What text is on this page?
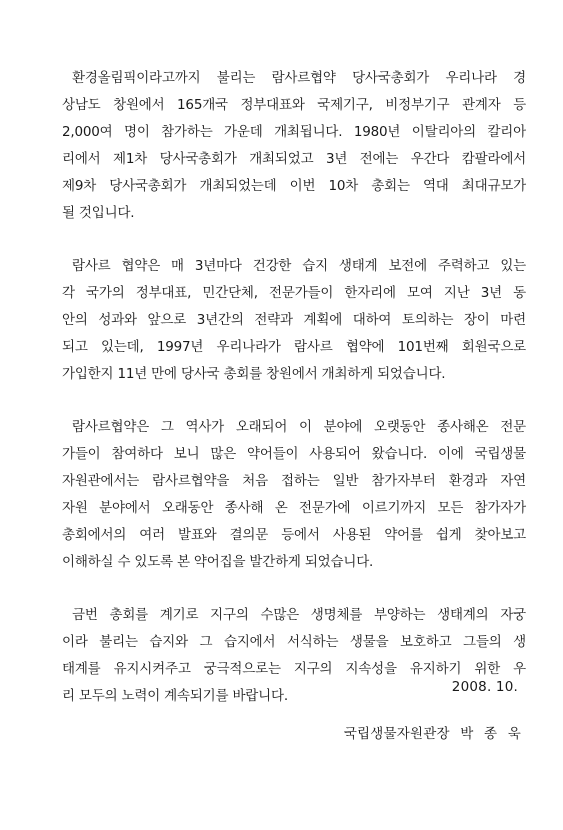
환경올림픽이라고까지 불리는 람사르협약 당사국총회가 우리나라 경
상남도 창원에서 165개국 정부대표와 국제기구, 비정부기구 관계자 등
2,000여 명이 참가하는 가운데 개최됩니다. 1980년 이탈리아의 칼리아
리에서 제1차 당사국총회가 개최되었고 3년 전에는 우간다 캄팔라에서
제9차 당사국총회가 개최되었는데 이번 10차 총회는 역대 최대규모가
될 것입니다.

람사르 협약은 매 3년마다 건강한 습지 생태계 보전에 주력하고 있는
각 국가의 정부대표, 민간단체, 전문가들이 한자리에 모여 지난 3년 동
안의 성과와 앞으로 3년간의 전략과 계획에 대하여 토의하는 장이 마련
되고 있는데, 1997년 우리나라가 람사르 협약에 101번째 회원국으로
가입한지 11년 만에 당사국 총회를 창원에서 개최하게 되었습니다.

람사르협약은 그 역사가 오래되어 이 분야에 오랫동안 종사해온 전문
가들이 참여하다 보니 많은 약어들이 사용되어 왔습니다. 이에 국립생물
자원관에서는 람사르협약을 처음 접하는 일반 참가자부터 환경과 자연
자원 분야에서 오래동안 종사해 온 전문가에 이르기까지 모든 참가자가
총회에서의 여러 발표와 결의문 등에서 사용된 약어를 쉽게 찾아보고
이해하실 수 있도록 본 약어집을 발간하게 되었습니다.

금번 총회를 계기로 지구의 수많은 생명체를 부양하는 생태계의 자궁
이라 불리는 습지와 그 습지에서 서식하는 생물을 보호하고 그들의 생
태계를 유지시켜주고 궁극적으로는 지구의 지속성을 유지하기 위한 우
리 모두의 노력이 계속되기를 바랍니다.

2008. 10.
국립생물자원관장 박 종 욱
